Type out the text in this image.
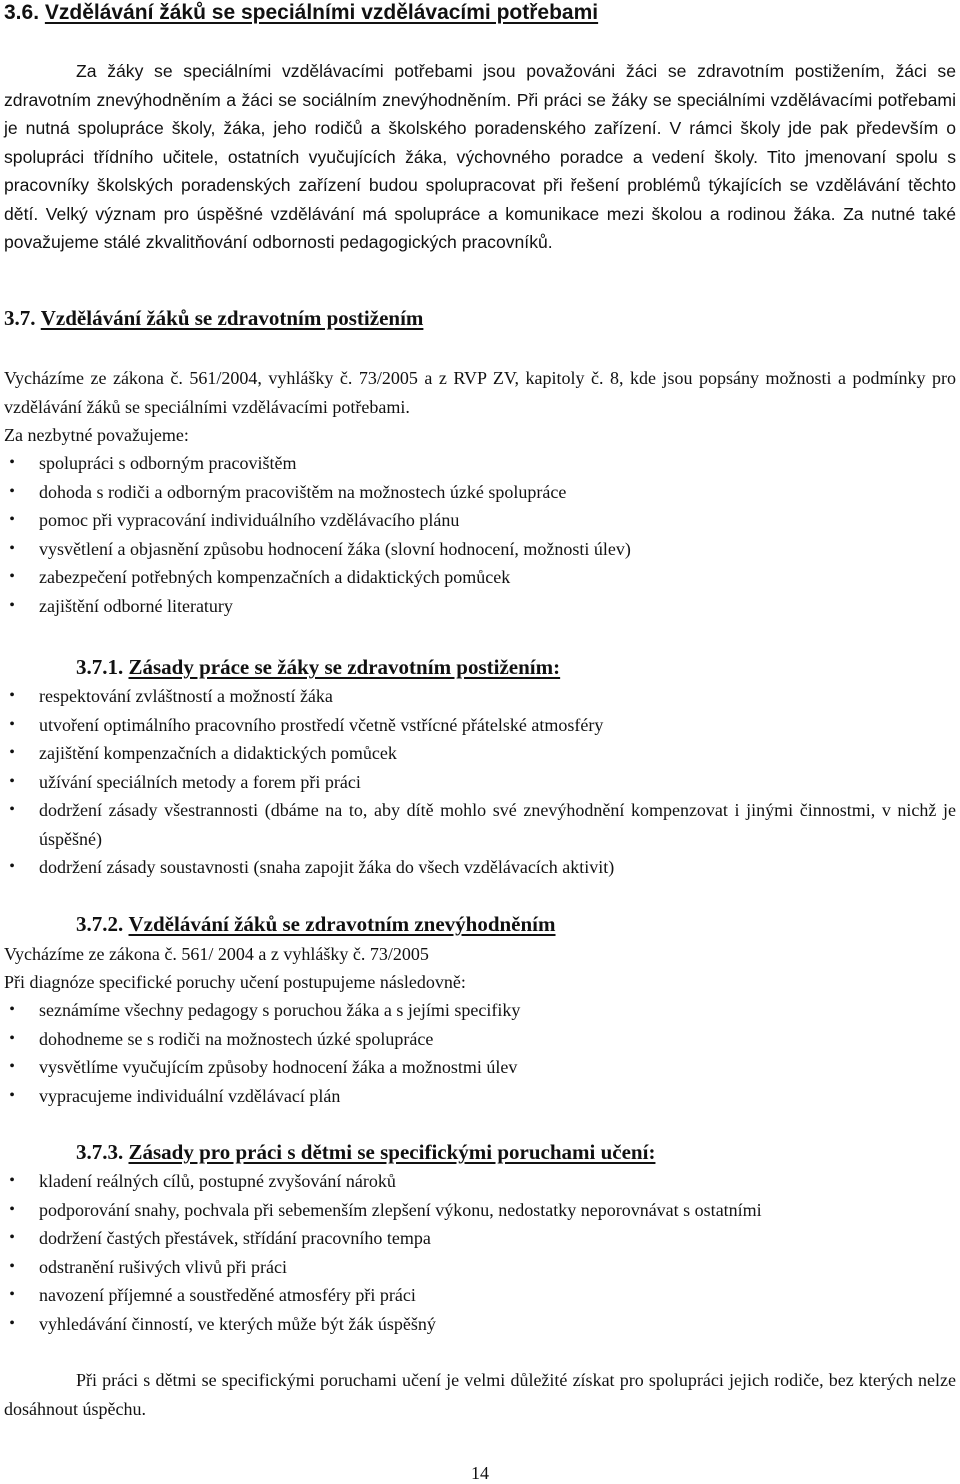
3.6. Vzdělávání žáků se speciálními vzdělávacími potřebami
Za žáky se speciálními vzdělávacími potřebami jsou považováni žáci se zdravotním postižením, žáci se zdravotním znevýhodněním a žáci se sociálním znevýhodněním. Při práci se žáky se speciálními vzdělávacími potřebami je nutná spolupráce školy, žáka, jeho rodičů a školského poradenského zařízení. V rámci školy jde pak především o spolupráci třídního učitele, ostatních vyučujících žáka, výchovného poradce a vedení školy. Tito jmenovaní spolu s pracovníky školských poradenských zařízení budou spolupracovat při řešení problémů týkajících se vzdělávání těchto dětí. Velký význam pro úspěšné vzdělávání má spolupráce a komunikace mezi školou a rodinou žáka. Za nutné také považujeme stálé zkvalitňování odbornosti pedagogických pracovníků.
3.7. Vzdělávání žáků se zdravotním postižením
Vycházíme ze zákona č. 561/2004, vyhlášky č. 73/2005 a z RVP ZV, kapitoly č. 8, kde jsou popsány možnosti a podmínky pro vzdělávání žáků se speciálními vzdělávacími potřebami.
Za nezbytné považujeme:
• spolupráci s odborným pracovištěm
• dohoda s rodiči a odborným pracovištěm na možnostech úzké spolupráce
• pomoc při vypracování individuálního vzdělávacího plánu
• vysvětlení a objasnění způsobu hodnocení žáka (slovní hodnocení, možnosti úlev)
• zabezpečení potřebných kompenzačních a didaktických pomůcek
• zajištění odborné literatury
3.7.1. Zásady práce se žáky se zdravotním postižením:
• respektování zvláštností a možností žáka
• utvoření optimálního pracovního prostředí včetně vstřícné přátelské atmosféry
• zajištění kompenzačních a didaktických pomůcek
• užívání speciálních metody a forem při práci
• dodržení zásady všestrannosti (dbáme na to, aby dítě mohlo své znevýhodnění kompenzovat i jinými činnostmi, v nichž je úspěšné)
• dodržení zásady soustavnosti (snaha zapojit žáka do všech vzdělávacích aktivit)
3.7.2. Vzdělávání žáků se zdravotním znevýhodněním
Vycházíme ze zákona č. 561/ 2004 a z vyhlášky č. 73/2005
Při diagnóze specifické poruchy učení postupujeme následovně:
• seznámíme všechny pedagogy s poruchou žáka a s jejími specifiky
• dohodneme se s rodiči na možnostech úzké spolupráce
• vysvětlíme vyučujícím způsoby hodnocení žáka a možnostmi úlev
• vypracujeme individuální vzdělávací plán
3.7.3. Zásady pro práci s dětmi se specifickými poruchami učení:
• kladení reálných cílů, postupné zvyšování nároků
• podporování snahy, pochvala při sebemenším zlepšení výkonu, nedostatky neporovnávat s ostatními
• dodržení častých přestávek, střídání pracovního tempa
• odstranění rušivých vlivů při práci
• navození příjemné a soustředěné atmosféry při práci
• vyhledávání činností, ve kterých může být žák úspěšný
Při práci s dětmi se specifickými poruchami učení je velmi důležité získat pro spolupráci jejich rodiče, bez kterých nelze dosáhnout úspěchu.
14
